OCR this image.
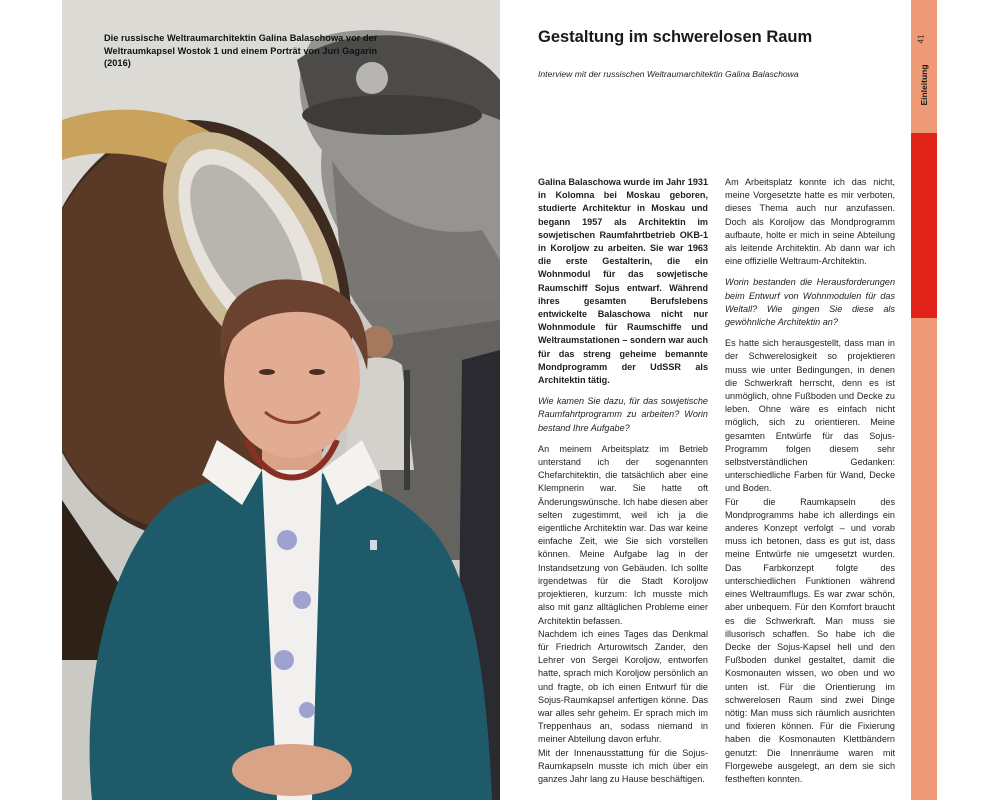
Die russische Weltraumarchitektin Galina Balaschowa vor der Weltraumkapsel Wostok 1 und einem Porträt von Juri Gagarin (2016)
Gestaltung im schwerelosen Raum
Interview mit der russischen Weltraumarchitektin Galina Balaschowa

Galina Balaschowa wurde im Jahr 1931 in Kolomna bei Moskau geboren, studierte Architektur in Moskau und begann 1957 als Architektin im sowjetischen Raumfahrtbetrieb OKB-1 in Koroljow zu arbeiten. Sie war 1963 die erste Gestalterin, die ein Wohnmodul für das sowjetische Raumschiff Sojus entwarf. Während ihres gesamten Berufslebens entwickelte Balaschowa nicht nur Wohnmodule für Raumschiffe und Weltraumstationen – sondern war auch für das streng geheime bemannte Mondprogramm der UdSSR als Architektin tätig.

Wie kamen Sie dazu, für das sowjetische Raumfahrtprogramm zu arbeiten? Worin bestand Ihre Aufgabe?

An meinem Arbeitsplatz im Betrieb unterstand ich der sogenannten Chefarchitektin, die tatsächlich aber eine Klempnerin war. Sie hatte oft Änderungswünsche. Ich habe diesen aber selten zugestimmt, weil ich ja die eigentliche Architektin war. Das war keine einfache Zeit, wie Sie sich vorstellen können. Meine Aufgabe lag in der Instandsetzung von Gebäuden. Ich sollte irgendetwas für die Stadt Koroljow projektieren, kurzum: Ich musste mich also mit ganz alltäglichen Probleme einer Architektin befassen.

Nachdem ich eines Tages das Denkmal für Friedrich Arturowitsch Zander, den Lehrer von Sergei Koroljow, entworfen hatte, sprach mich Koroljow persönlich an und fragte, ob ich einen Entwurf für die Sojus-Raumkapsel anfertigen könne. Das war alles sehr geheim. Er sprach mich im Treppenhaus an, sodass niemand in meiner Abteilung davon erfuhr.

Mit der Innenausstattung für die Sojus-Raumkapseln musste ich mich über ein ganzes Jahr lang zu Hause beschäftigen.

Am Arbeitsplatz konnte ich das nicht, meine Vorgesetzte hatte es mir verboten, dieses Thema auch nur anzufassen. Doch als Koroljow das Mondprogramm aufbaute, holte er mich in seine Abteilung als leitende Architektin. Ab dann war ich eine offizielle Weltraum-Architektin.

Worin bestanden die Herausforderungen beim Entwurf von Wohnmodulen für das Weltall? Wie gingen Sie diese als gewöhnliche Architektin an?

Es hatte sich herausgestellt, dass man in der Schwerelosigkeit so projektieren muss wie unter Bedingungen, in denen die Schwerkraft herrscht, denn es ist unmöglich, ohne Fußboden und Decke zu leben. Ohne wäre es einfach nicht möglich, sich zu orientieren. Meine gesamten Entwürfe für das Sojus-Programm folgen diesem sehr selbstverständlichen Gedanken: unterschiedliche Farben für Wand, Decke und Boden.

Für die Raumkapseln des Mondprogramms habe ich allerdings ein anderes Konzept verfolgt – und vorab muss ich betonen, dass es gut ist, dass meine Entwürfe nie umgesetzt wurden. Das Farbkonzept folgte des unterschiedlichen Funktionen während eines Weltraumflugs. Es war zwar schön, aber unbequem. Für den Komfort braucht es die Schwerkraft. Man muss sie illusorisch schaffen. So habe ich die Decke der Sojus-Kapsel hell und den Fußboden dunkel gestaltet, damit die Kosmonauten wissen, wo oben und wo unten ist. Für die Orientierung im schwerelosen Raum sind zwei Dinge nötig: Man muss sich räumlich ausrichten und fixieren können. Für die Fixierung haben die Kosmonauten Klettbändern genutzt: Die Innenräume waren mit Florgewebe ausgelegt, an dem sie sich festheften konnten.

Einleitung
41
